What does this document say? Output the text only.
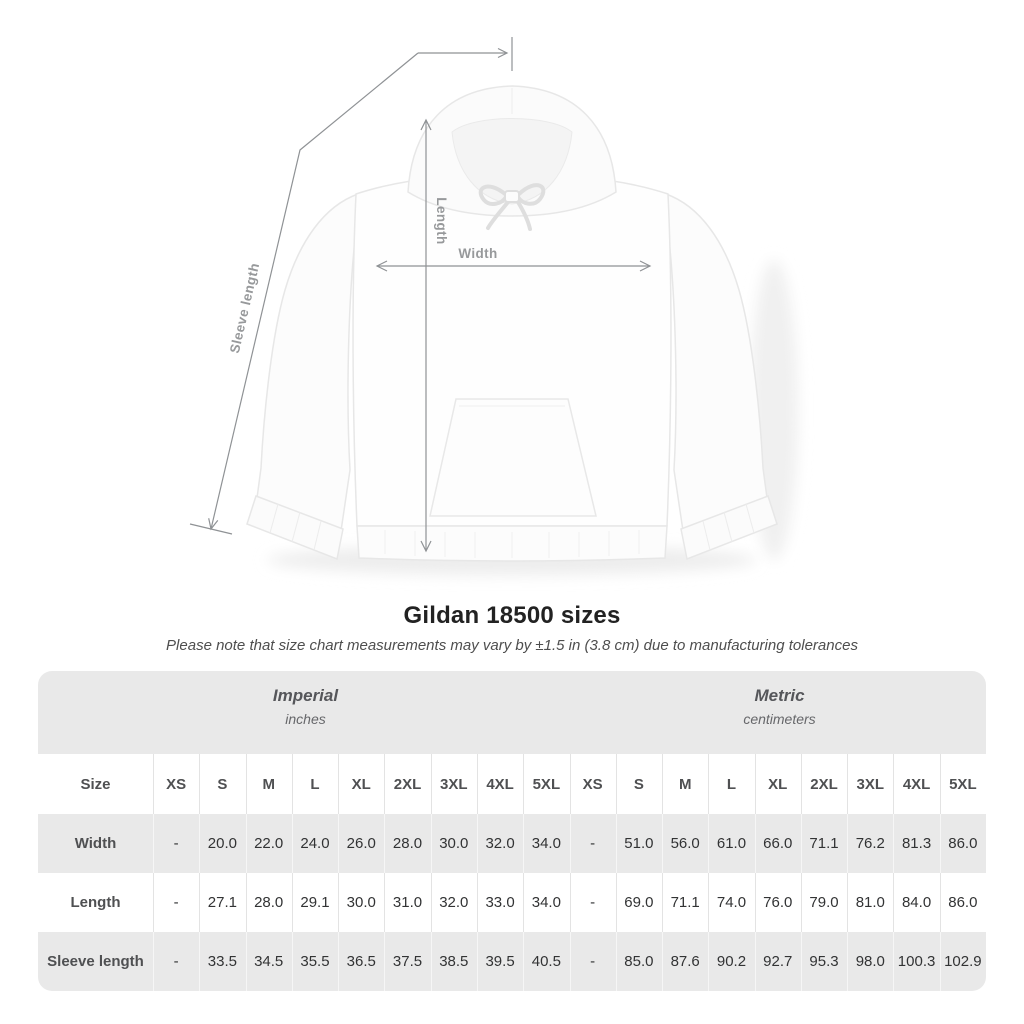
Sleeve length
Length
Width
Gildan 18500 sizes
Please note that size chart measurements may vary by ±1.5 in (3.8 cm) due to manufacturing tolerances
Imperial
inches
Metric
centimeters
Size	XS	S	M	L	XL	2XL	3XL	4XL	5XL	XS	S	M	L	XL	2XL	3XL	4XL	5XL
Width	-	20.0	22.0	24.0	26.0	28.0	30.0	32.0	34.0	-	51.0	56.0	61.0	66.0	71.1	76.2	81.3	86.0
Length	-	27.1	28.0	29.1	30.0	31.0	32.0	33.0	34.0	-	69.0	71.1	74.0	76.0	79.0	81.0	84.0	86.0
Sleeve length	-	33.5	34.5	35.5	36.5	37.5	38.5	39.5	40.5	-	85.0	87.6	90.2	92.7	95.3	98.0 100.3 102.9
